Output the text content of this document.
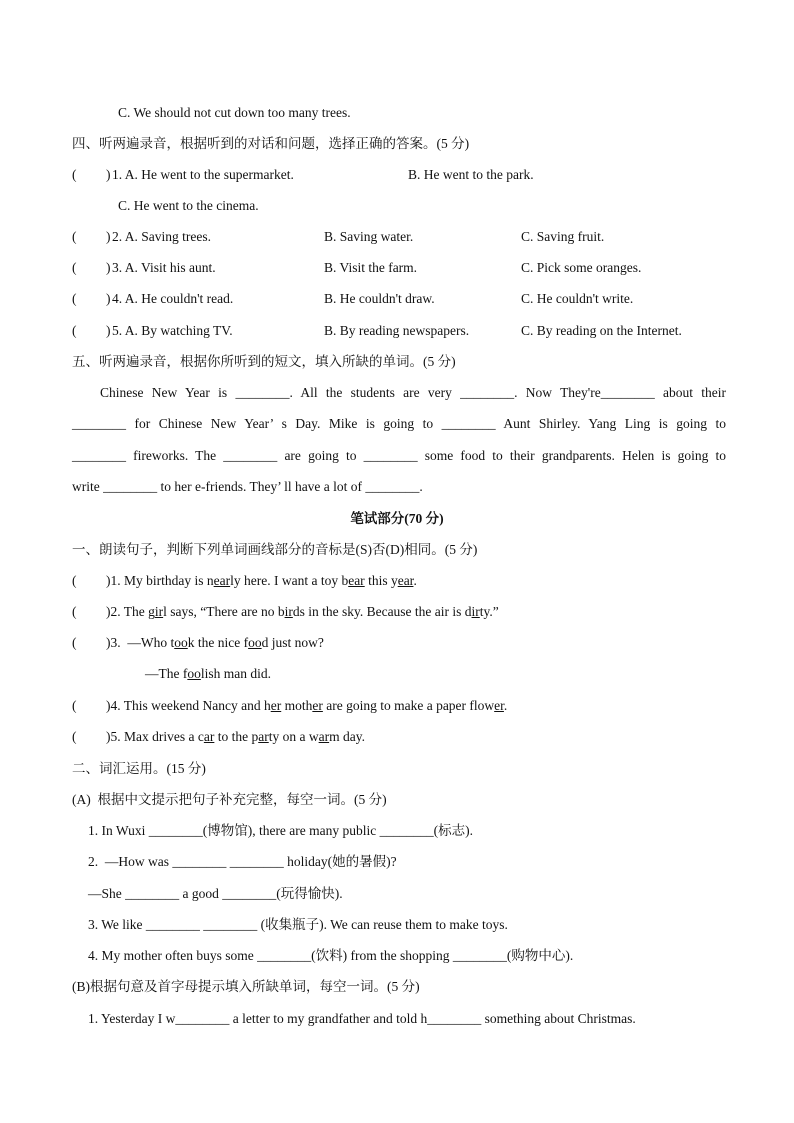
C. We should not cut down too many trees.
四、听两遍录音，根据听到的对话和问题，选择正确的答案。(5 分)
(	) 1. A. He went to the supermarket.	B. He went to the park.
C. He went to the cinema.
(	) 2. A. Saving trees.	B. Saving water.	C. Saving fruit.
(	) 3. A. Visit his aunt.	B. Visit the farm.	C. Pick some oranges.
(	) 4. A. He couldn't read.	B. He couldn't draw.	C. He couldn't write.
(	) 5. A. By watching TV.	B. By reading newspapers.	C. By reading on the Internet.
五、听两遍录音，根据你所听到的短文，填入所缺的单词。(5 分)
Chinese New Year is ________. All the students are very ________. Now They're________ about their
________ for Chinese New Year’ s Day. Mike is going to ________ Aunt Shirley. Yang Ling is going to
________ fireworks. The ________ are going to ________ some food to their grandparents. Helen is going to
write ________ to her e-friends. They’ ll have a lot of ________.
笔试部分(70 分)
一、朗读句子，判断下列单词画线部分的音标是(S)否(D)相同。(5 分)
(	)1. My birthday is nearly here. I want a toy bear this year.
(	)2. The girl says, “There are no birds in the sky. Because the air is dirty.”
(	)3.  —Who took the nice food just now?
—The foolish man did.
(	)4. This weekend Nancy and her mother are going to make a paper flower.
(	)5. Max drives a car to the party on a warm day.
二、词汇运用。(15 分)
(A)  根据中文提示把句子补充完整，每空一词。(5 分)
1. In Wuxi ________(博物馆), there are many public ________(标志).
2.  —How was ________ ________ holiday(她的暑假)?
—She ________ a good ________(玩得愉快).
3. We like ________ ________ (收集瓶子). We can reuse them to make toys.
4. My mother often buys some ________(饮料) from the shopping ________(购物中心).
(B)根据句意及首字母提示填入所缺单词，每空一词。(5 分)
1. Yesterday I w________ a letter to my grandfather and told h________ something about Christmas.
